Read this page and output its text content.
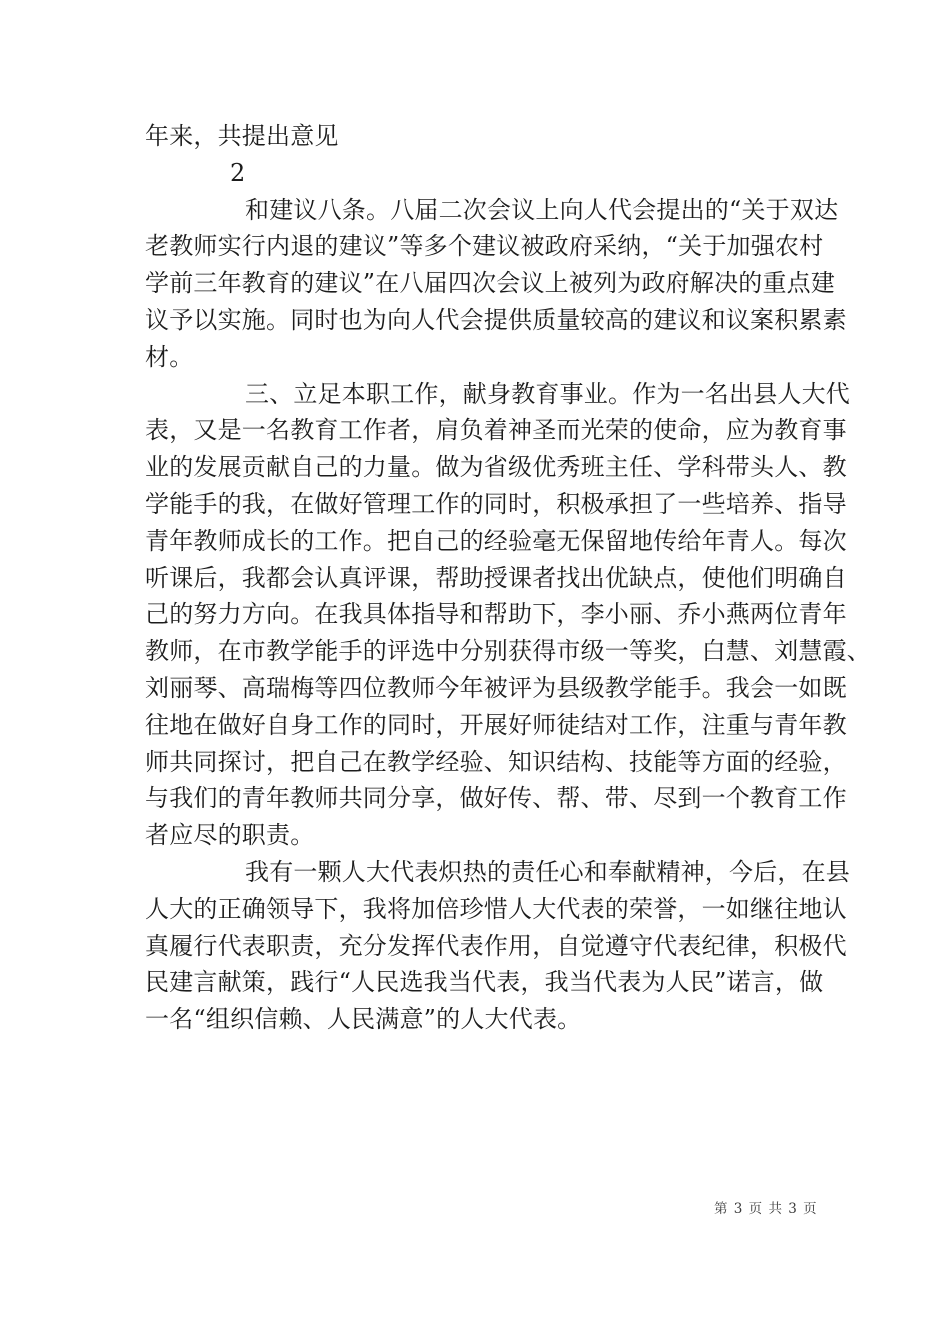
年来，共提出意见
2
和建议八条。八届二次会议上向人代会提出的“关于双达
老教师实行内退的建议”等多个建议被政府采纳，“关于加强农村
学前三年教育的建议”在八届四次会议上被列为政府解决的重点建
议予以实施。同时也为向人代会提供质量较高的建议和议案积累素
材。
三、立足本职工作，献身教育事业。作为一名出县人大代
表，又是一名教育工作者，肩负着神圣而光荣的使命，应为教育事
业的发展贡献自己的力量。做为省级优秀班主任、学科带头人、教
学能手的我，在做好管理工作的同时，积极承担了一些培养、指导
青年教师成长的工作。把自己的经验毫无保留地传给年青人。每次
听课后，我都会认真评课，帮助授课者找出优缺点，使他们明确自
己的努力方向。在我具体指导和帮助下，李小丽、乔小燕两位青年
教师，在市教学能手的评选中分别获得市级一等奖，白慧、刘慧霞、
刘丽琴、高瑞梅等四位教师今年被评为县级教学能手。我会一如既
往地在做好自身工作的同时，开展好师徒结对工作，注重与青年教
师共同探讨，把自己在教学经验、知识结构、技能等方面的经验，
与我们的青年教师共同分享，做好传、帮、带、尽到一个教育工作
者应尽的职责。
我有一颗人大代表炽热的责任心和奉献精神，今后，在县
人大的正确领导下，我将加倍珍惜人大代表的荣誉，一如继往地认
真履行代表职责，充分发挥代表作用，自觉遵守代表纪律，积极代
民建言献策，践行“人民选我当代表，我当代表为人民”诺言，做
一名“组织信赖、人民满意”的人大代表。
第 3 页 共 3 页
